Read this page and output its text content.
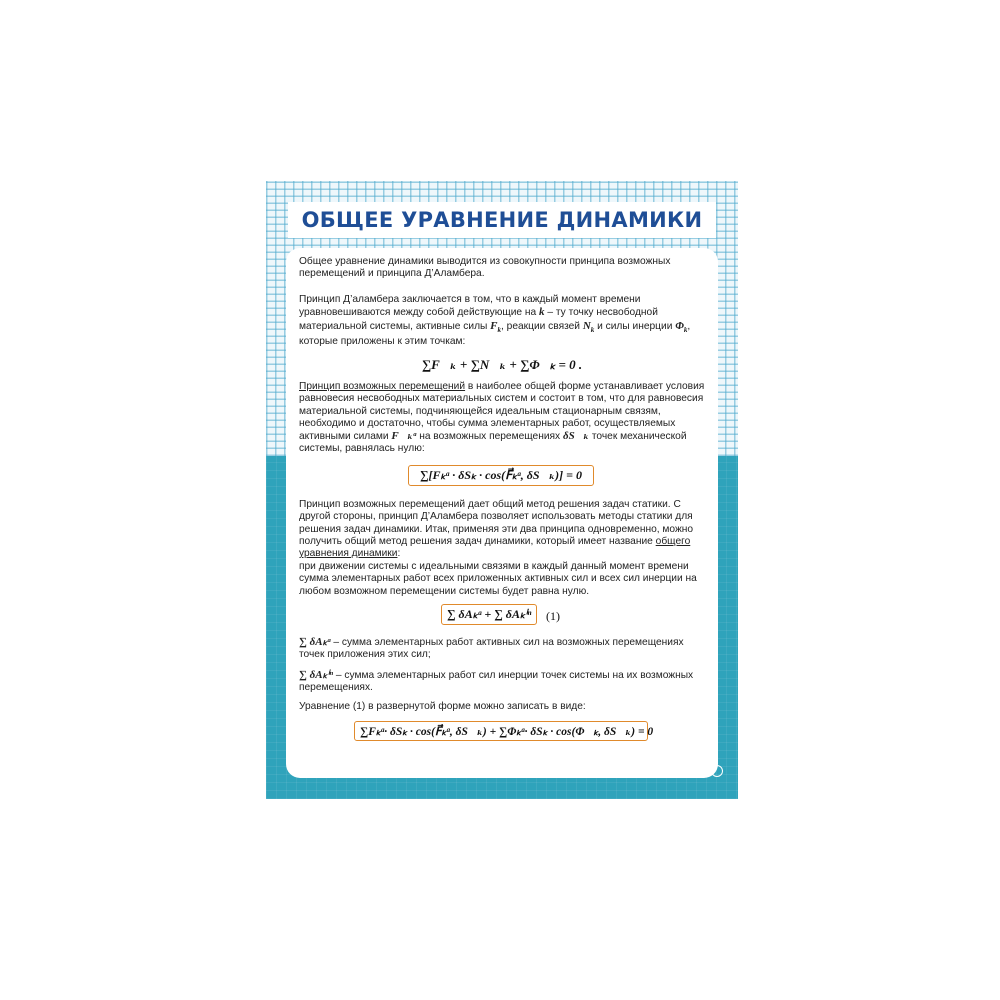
ОБЩЕЕ УРАВНЕНИЕ ДИНАМИКИ
Общее уравнение динамики выводится из совокупности принципа возможных перемещений и принципа Д’Аламбера.
Принцип Д’аламбера заключается в том, что в каждый момент времени уравновешиваются между собой действующие на k – ту точку несвободной материальной системы, активные силы $F_k$, реакции связей $N_k$ и силы инерции $\Phi_k$, которые приложены к этим точкам:
∑F⃗ₖ + ∑N⃗ₖ + ∑Φ⃗ₖ = 0 .
Принцип возможных перемещений в наиболее общей форме устанавливает условия равновесия несвободных материальных систем и состоит в том, что для равновесия материальной системы, подчиняющейся идеальным стационарным связям, необходимо и достаточно, чтобы сумма элементарных работ, осуществляемых активными силами F⃗ₖᵃ на возможных перемещениях δS⃗ₖ точек механической системы, равнялась нулю:
∑[Fₖᵃ · δSₖ · cos(F⃗ₖᵃ, δS⃗ₖ)] = 0
Принцип возможных перемещений дает общий метод решения задач статики. С другой стороны, принцип Д’Аламбера позволяет использовать методы статики для решения задач динамики. Итак, применяя эти два принципа одновременно, можно получить общий метод решения задач динамики, который имеет название общего уравнения динамики:
при движении системы с идеальными связями в каждый данный момент времени сумма элементарных работ всех приложенных активных сил и всех сил инерции на любом возможном перемещении системы будет равна нулю.
∑ δAₖᵃ + ∑ δAₖⁱⁿ	(1)
∑ δAₖᵃ – сумма элементарных работ активных сил на возможных перемещениях точек приложения этих сил;
∑ δAₖⁱⁿ – сумма элементарных работ сил инерции точек системы на их возможных перемещениях.
Уравнение (1) в развернутой форме можно записать в виде:
∑Fₖᵃ· δSₖ · cos(F⃗ₖᵃ, δS⃗ₖ) + ∑Φₖᵃ· δSₖ · cos(Φ⃗ₖ, δS⃗ₖ) = 0
